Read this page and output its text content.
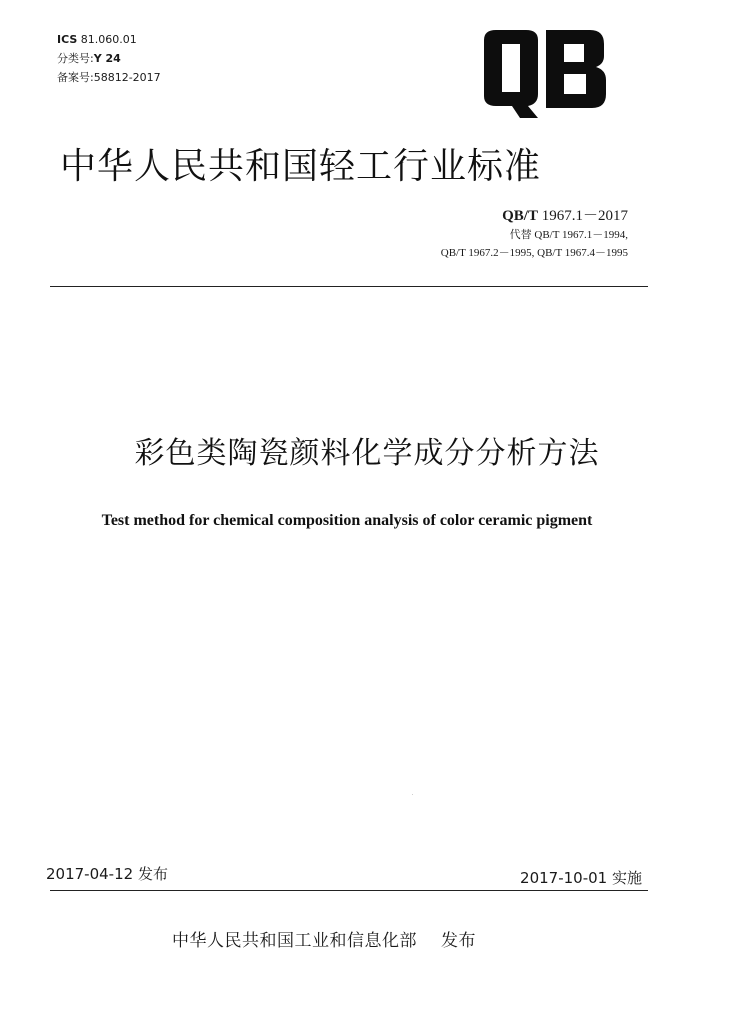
ICS 81.060.01
分类号:Y 24
备案号:58812-2017
中华人民共和国轻工行业标准
QB/T 1967.1－2017
代替 QB/T 1967.1－1994,
QB/T 1967.2－1995, QB/T 1967.4－1995
彩色类陶瓷颜料化学成分分析方法
Test method for chemical composition analysis of color ceramic pigment
2017-04-12 发布	2017-10-01 实施
中华人民共和国工业和信息化部 发布
